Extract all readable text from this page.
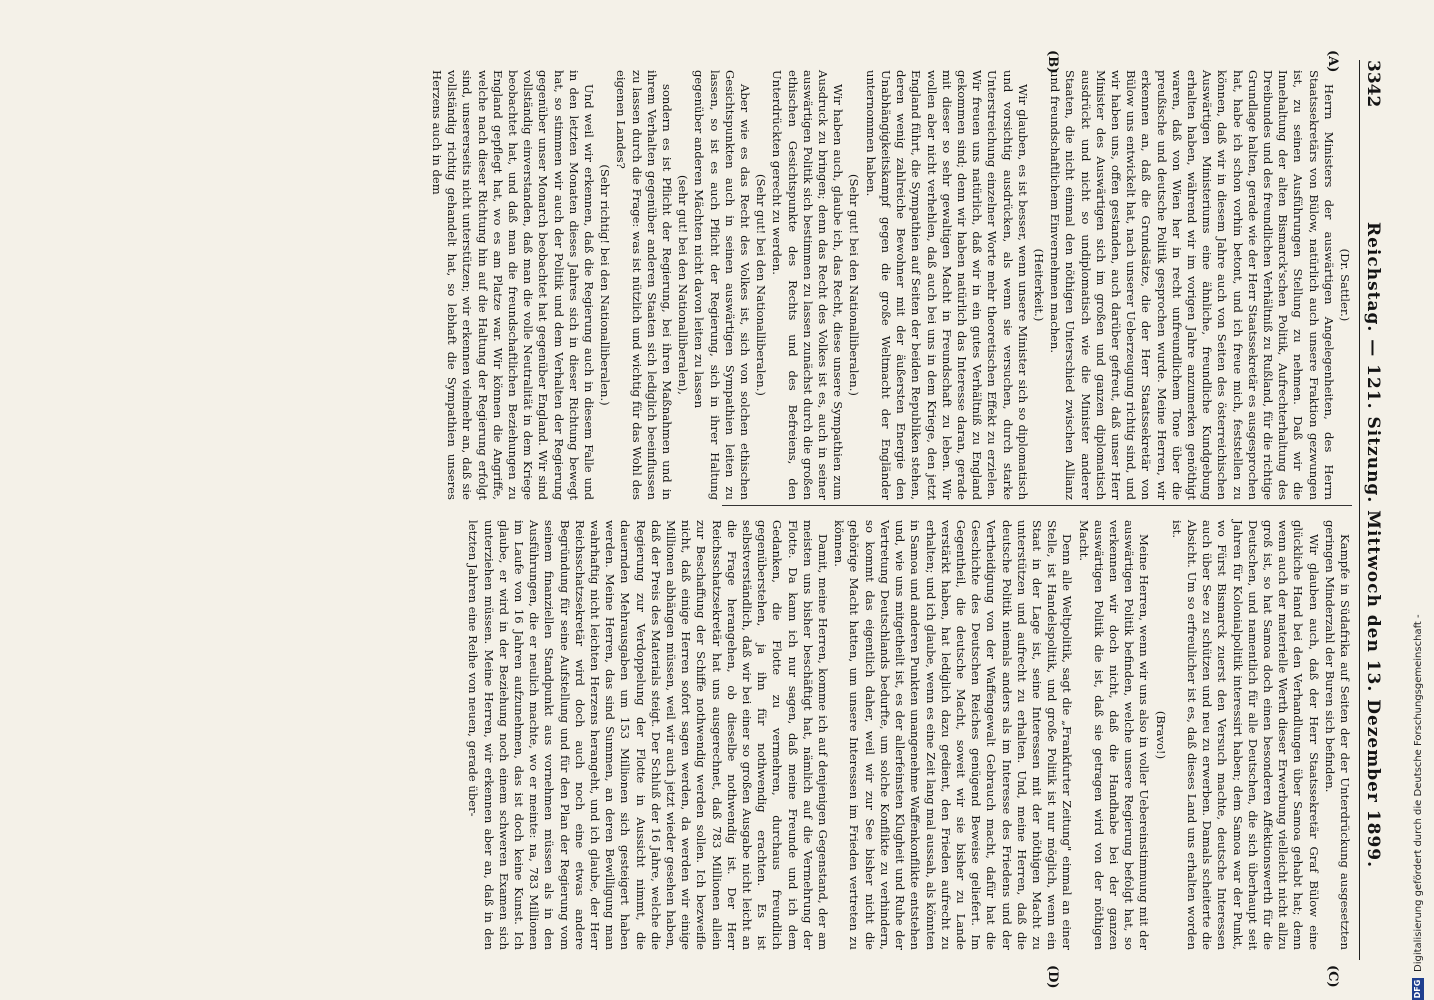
3342
Reichstag. — 121. Sitzung. Mittwoch den 13. Dezember 1899.
(A)
(B)
(C)
(D)

(Dr. Sattler.)

Herrn Ministers der auswärtigen Angelegenheiten, des Herrn Staatssekretärs von Bülow, natürlich auch unsere Fraktion gezwungen ist, zu seinen Ausführungen Stellung zu nehmen. Daß wir die Innehaltung der alten Bismarck'schen Politik, Aufrechterhaltung des Dreibundes und des freundlichen Verhältniß zu Rußland, für die richtige Grundlage halten, gerade wie der Herr Staatssekretär es ausgesprochen hat, habe ich schon vorhin betont, und ich freue mich, feststellen zu können, daß wir in diesem Jahre auch von Seiten des österreichischen Auswärtigen Ministeriums eine ähnliche, freundliche Kundgebung erhalten haben, während wir im vorigen Jahre anzumerken genöthigt waren, daß von Wien her in recht unfreundlichem Tone über die preußische und deutsche Politik gesprochen wurde. Meine Herren, wir erkennen an, daß die Grundsätze, die der Herr Staatssekretär von Bülow uns entwickelt hat, nach unserer Ueberzeugung richtig sind, und wir haben uns, offen gestanden, auch darüber gefreut, daß unser Herr Minister des Auswärtigen sich im großen und ganzen diplomatisch ausdrückt und nicht so undiplomatisch wie die Minister anderer Staaten, die nicht einmal den nöthigen Unterschied zwischen Allianz und freundschaftlichem Einvernehmen machen.

(Heiterkeit.)

Wir glauben, es ist besser, wenn unsere Minister sich so diplomatisch und vorsichtig ausdrücken, als wenn sie versuchen, durch starke Unterstreichung einzelner Worte mehr theoretischen Effekt zu erzielen. Wir freuen uns natürlich, daß wir in ein gutes Verhältniß zu England gekommen sind; denn wir haben natürlich das Interesse daran, gerade mit dieser so sehr gewaltigen Macht in Freundschaft zu leben. Wir wollen aber nicht verhehlen, daß auch bei uns in dem Kriege, den jetzt England führt, die Sympathien auf Seiten der beiden Republiken stehen, deren wenig zahlreiche Bewohner mit der äußersten Energie den Unabhängigkeitskampf gegen die große Weltmacht der Engländer unternommen haben.

(Sehr gut! bei den Nationalliberalen.)

Wir haben auch, glaube ich, das Recht, diese unsere Sympathien zum Ausdruck zu bringen; denn das Recht des Volkes ist es, auch in seiner auswärtigen Politik sich bestimmen zu lassen zunächst durch die großen ethischen Gesichtspunkte des Rechts und des Befreiens, den Unterdrückten gerecht zu werden.

(Sehr gut! bei den Nationalliberalen.)

Aber wie es das Recht des Volkes ist, sich von solchen ethischen Gesichtspunkten auch in seinen auswärtigen Sympathien leiten zu lassen, so ist es auch Pflicht der Regierung, sich in ihrer Haltung gegenüber anderen Mächten nicht davon leiten zu lassen

(sehr gut! bei den Nationalliberalen),

sondern es ist Pflicht der Regierung, bei ihren Maßnahmen und in ihrem Verhalten gegenüber anderen Staaten sich lediglich beeinflussen zu lassen durch die Frage: was ist nützlich und wichtig für das Wohl des eigenen Landes?

(Sehr richtig! bei den Nationalliberalen.)

Und weil wir erkennen, daß die Regierung auch in diesem Falle und in den letzten Monaten dieses Jahres sich in dieser Richtung bewegt hat, so stimmen wir auch der Politik und dem Verhalten der Regierung gegenüber unser Monarch beobachtet hat gegenüber England. Wir sind vollständig einverstanden, daß man die volle Neutralität in dem Kriege beobachtet hat, und daß man die freundschaftlichen Beziehungen zu England gepflegt hat, wo es am Platze war. Wir können die Angriffe, welche nach dieser Richtung hin auf die Haltung der Regierung erfolgt sind, unsererseits nicht unterstützen; wir erkennen vielmehr an, daß sie vollständig richtig gehandelt hat, so lebhaft die Sympathien unseres Herzens auch in dem

Kampfe in Südafrika auf Seiten der der Unterdrückung ausgesetzten geringen Minderzahl der Buren sich befinden.

Wir glauben auch, daß der Herr Staatssekretär Graf Bülow eine glückliche Hand bei den Verhandlungen über Samoa gehabt hat; denn wenn auch der materielle Werth dieser Erwerbung vielleicht nicht allzu groß ist, so hat Samoa doch einen besonderen Affektionswerth für die Deutschen, und namentlich für alle Deutschen, die sich überhaupt seit Jahren für Kolonialpolitik interessirt haben; dem Samoa war der Punkt, wo Fürst Bismarck zuerst den Versuch machte, deutsche Interessen auch über See zu schützen und neu zu erwerben. Damals scheiterte die Absicht. Um so erfreulicher ist es, daß dieses Land uns erhalten worden ist.

(Bravo!)

Meine Herren, wenn wir uns also in voller Uebereinstimmung mit der auswärtigen Politik befinden, welche unsere Regierung befolgt hat, so verkennen wir doch nicht, daß die Handhabe bei der ganzen auswärtigen Politik die ist, daß sie getragen wird von der nöthigen Macht.

Denn alle Weltpolitik, sagt die „Frankfurter Zeitung" einmal an einer Stelle, ist Handelspolitik, und große Politik ist nur möglich, wenn ein Staat in der Lage ist, seine Interessen mit der nöthigen Macht zu unterstützen und aufrecht zu erhalten. Und, meine Herren, daß die deutsche Politik niemals anders als im Interesse des Friedens und der Vertheidigung von der Waffengewalt Gebrauch macht, dafür hat die Geschichte des Deutschen Reiches genügend Beweise geliefert. Im Gegentheil, die deutsche Macht, soweit wir sie bisher zu Lande verstärkt haben, hat lediglich dazu gedient, den Frieden aufrecht zu erhalten; und ich glaube, wenn es eine Zeit lang mal aussah, als könnten in Samoa und anderen Punkten unangenehme Waffenkonflikte entstehen und, wie uns mitgetheilt ist, es der allerfeinsten Klugheit und Ruhe der Vertretung Deutschlands bedurfte, um solche Konflikte zu verhindern, so kommt das eigentlich daher, weil wir zur See bisher nicht die gehörige Macht hatten, um unsere Interessen im Frieden vertreten zu können.

Damit, meine Herren, komme ich auf denjenigen Gegenstand, der am meisten uns bisher beschäftigt hat, nämlich auf die Vermehrung der Flotte. Da kann ich nur sagen, daß meine Freunde und ich dem Gedanken, die Flotte zu vermehren, durchaus freundlich gegenüberstehen, ja ihn für nothwendig erachten. Es ist selbstverständlich, daß wir bei einer so großen Ausgabe nicht leicht an die Frage herangehen, ob dieselbe nothwendig ist. Der Herr Reichsschatzsekretär hat uns ausgerechnet, daß 783 Millionen allein zur Beschaffung der Schiffe nothwendig werden sollen. Ich bezweifle nicht, daß einige Herren sofort sagen werden, da werden wir einige Millionen abhängen müssen, weil wir auch jetzt wieder gesehen haben, daß der Preis des Materials steigt. Der Schluß der 16 Jahre, welche die Regierung zur Verdoppelung der Flotte in Aussicht nimmt, die dauernden Mehrausgaben um 153 Millionen sich gesteigert haben werden. Meine Herren, das sind Summen, an deren Bewilligung man wahrhaftig nicht leichten Herzens herangeht, und ich glaube, der Herr Reichsschatzsekretär wird doch auch noch eine etwas andere Begründung für seine Aufstellung und für den Plan der Regierung vom seinem finanziellen Standpunkt aus vornehmen müssen als in den Ausführungen, die er neulich machte, wo er meinte: na, 783 Millionen im Laufe von 16 Jahren aufzunehmen, das ist doch keine Kunst. Ich glaube, er wird in der Beziehung noch einem schweren Examen sich unterziehen müssen. Meine Herren, wir erkennen aber an, daß in den letzten Jahren eine Reihe von neuen, gerade über-

DFG
Digitalisierung gefördert durch die Deutsche Forschungsgemeinschaft -
